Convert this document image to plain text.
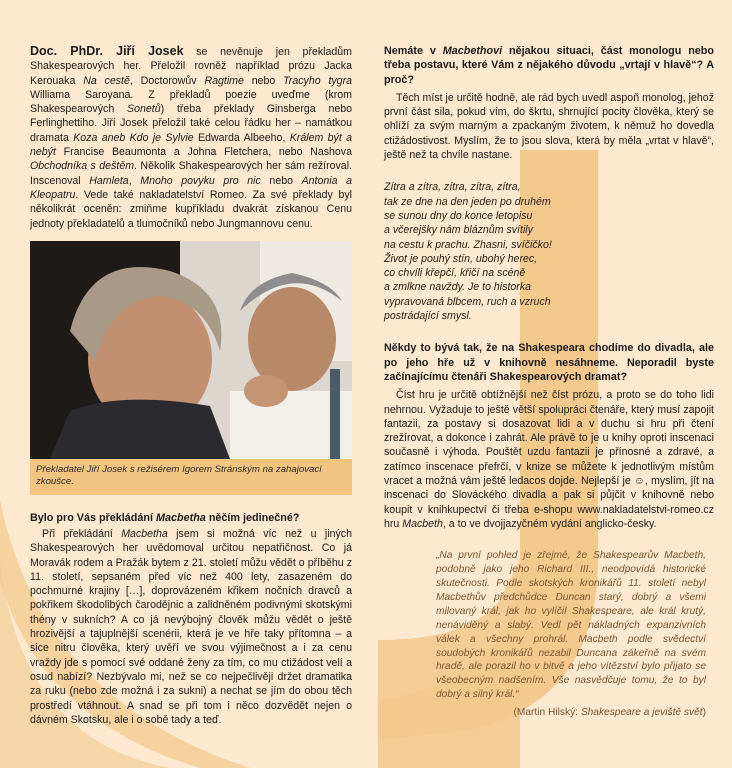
Doc. PhDr. Jiří Josek se nevěnuje jen překladům Shakespearových her. Přeložil rovněž například prózu Jacka Kerouaka Na cestě, Doctorowův Ragtime nebo Tracyho tygra Williama Saroyana. Z překladů poezie uveďme (krom Shakespearových Sonetů) třeba překlady Ginsberga nebo Ferlinghettiho. Jiří Josek přeložil také celou řádku her – namátkou dramata Koza aneb Kdo je Sylvie Edwarda Albeeho, Králem být a nebýt Francise Beaumonta a Johna Fletchera, nebo Nashova Obchodníka s deštěm. Několik Shakespearových her sám režíroval. Inscenoval Hamleta, Mnoho povyku pro nic nebo Antonia a Kleopatru. Vede také nakladatelství Romeo. Za své překlady byl několikrát oceněn: zmiňme kupříkladu dvakrát získanou Cenu jednoty překladatelů a tlumočníků nebo Jungmannovu cenu.

Překladatel Jiří Josek s režisérem Igorem Stránským na zahajovací zkoušce.

Bylo pro Vás překládání Macbetha něčím jedinečné?

Při překládání Macbetha jsem si možná víc než u jiných Shakespearových her uvědomoval určitou nepatřičnost. Co já Moravák rodem a Pražák bytem z 21. století můžu vědět o příběhu z 11. století, sepsaném před víc než 400 lety, zasazeném do pochmurné krajiny […], doprovázeném křikem nočních dravců a pokřikem škodolibých čarodějnic a zalidněném podivnými skotskými thény v sukních? A co já nevýbojný člověk můžu vědět o ještě hrozivější a tajuplnější scenérii, která je ve hře taky přítomna – a sice nitru člověka, který uvěří ve svou výjimečnost a i za cenu vraždy jde s pomocí své oddané ženy za tím, co mu ctižádost velí a osud nabízí? Nezbývalo mi, než se co nejpečlivěji držet dramatika za ruku (nebo zde možná i za sukni) a nechat se jím do obou těch prostředí vtáhnout. A snad se při tom i něco dozvědět nejen o dávném Skotsku, ale i o sobě tady a teď.

Nemáte v Macbethovi nějakou situaci, část monologu nebo třeba postavu, které Vám z nějakého důvodu „vrtají v hlavě“? A proč?

Těch míst je určitě hodně, ale rád bych uvedl aspoň monolog, jehož první část sila, pokud vím, do škrtu, shrnující pocity člověka, který se ohlíží za svým marným a zpackaným životem, k němuž ho dovedla ctižádostivost. Myslím, že to jsou slova, která by měla „vrtat v hlavě“, ještě než ta chvíle nastane.

Zítra a zítra, zítra, zítra, zítra,
tak ze dne na den jeden po druhém
se sunou dny do konce letopisu
a včerejšky nám bláznům svítily
na cestu k prachu. Zhasni, svíčičko!
Život je pouhý stín, ubohý herec,
co chvíli křepčí, křičí na scéně
a zmlkne navždy. Je to historka
vypravovaná blbcem, ruch a vzruch
postrádající smysl.

Někdy to bývá tak, že na Shakespeara chodíme do divadla, ale po jeho hře už v knihovně nesáhneme. Neporadil byste začínajícímu čtenáři Shakespearových dramat?

Číst hru je určitě obtížnější než číst prózu, a proto se do toho lidi nehrnou. Vyžaduje to ještě větší spolupráci čtenáře, který musí zapojit fantazii, za postavy si dosazovat lidi a v duchu si hru při čtení zrežírovat, a dokonce i zahrát. Ale právě to je u knihy oproti inscenaci současně i výhoda. Pouštět uzdu fantazii je přínosné a zdravé, a zatímco inscenace přefrčí, v knize se můžete k jednotlivým místům vracet a možná vám ještě ledacos dojde. Nejlepší je ☺, myslím, jít na inscenaci do Slováckého divadla a pak si půjčit v knihovně nebo koupit v knihkupectví či třeba e-shopu www.nakladatelstvi-romeo.cz hru Macbeth, a to ve dvojjazyčném vydání anglicko-česky.

„Na první pohled je zřejmé, že Shakespearův Macbeth, podobně jako jeho Richard III., neodpovídá historické skutečnosti. Podle skotských kronikářů 11. století nebyl Macbethův předchůdce Duncan starý, dobrý a všemi milovaný král, jak ho vylíčil Shakespeare, ale král krutý, nenáviděný a slabý. Vedl pět nákladných expanzivních válek a všechny prohrál. Macbeth podle svědectví soudobých kronikářů nezabil Duncana zákeřně na svém hradě, ale porazil ho v bitvě a jeho vítězství bylo přijato se všeobecným nadšením. Vše nasvědčuje tomu, že to byl dobrý a silný král.“
(Martin Hilský: Shakespeare a jeviště svět)
